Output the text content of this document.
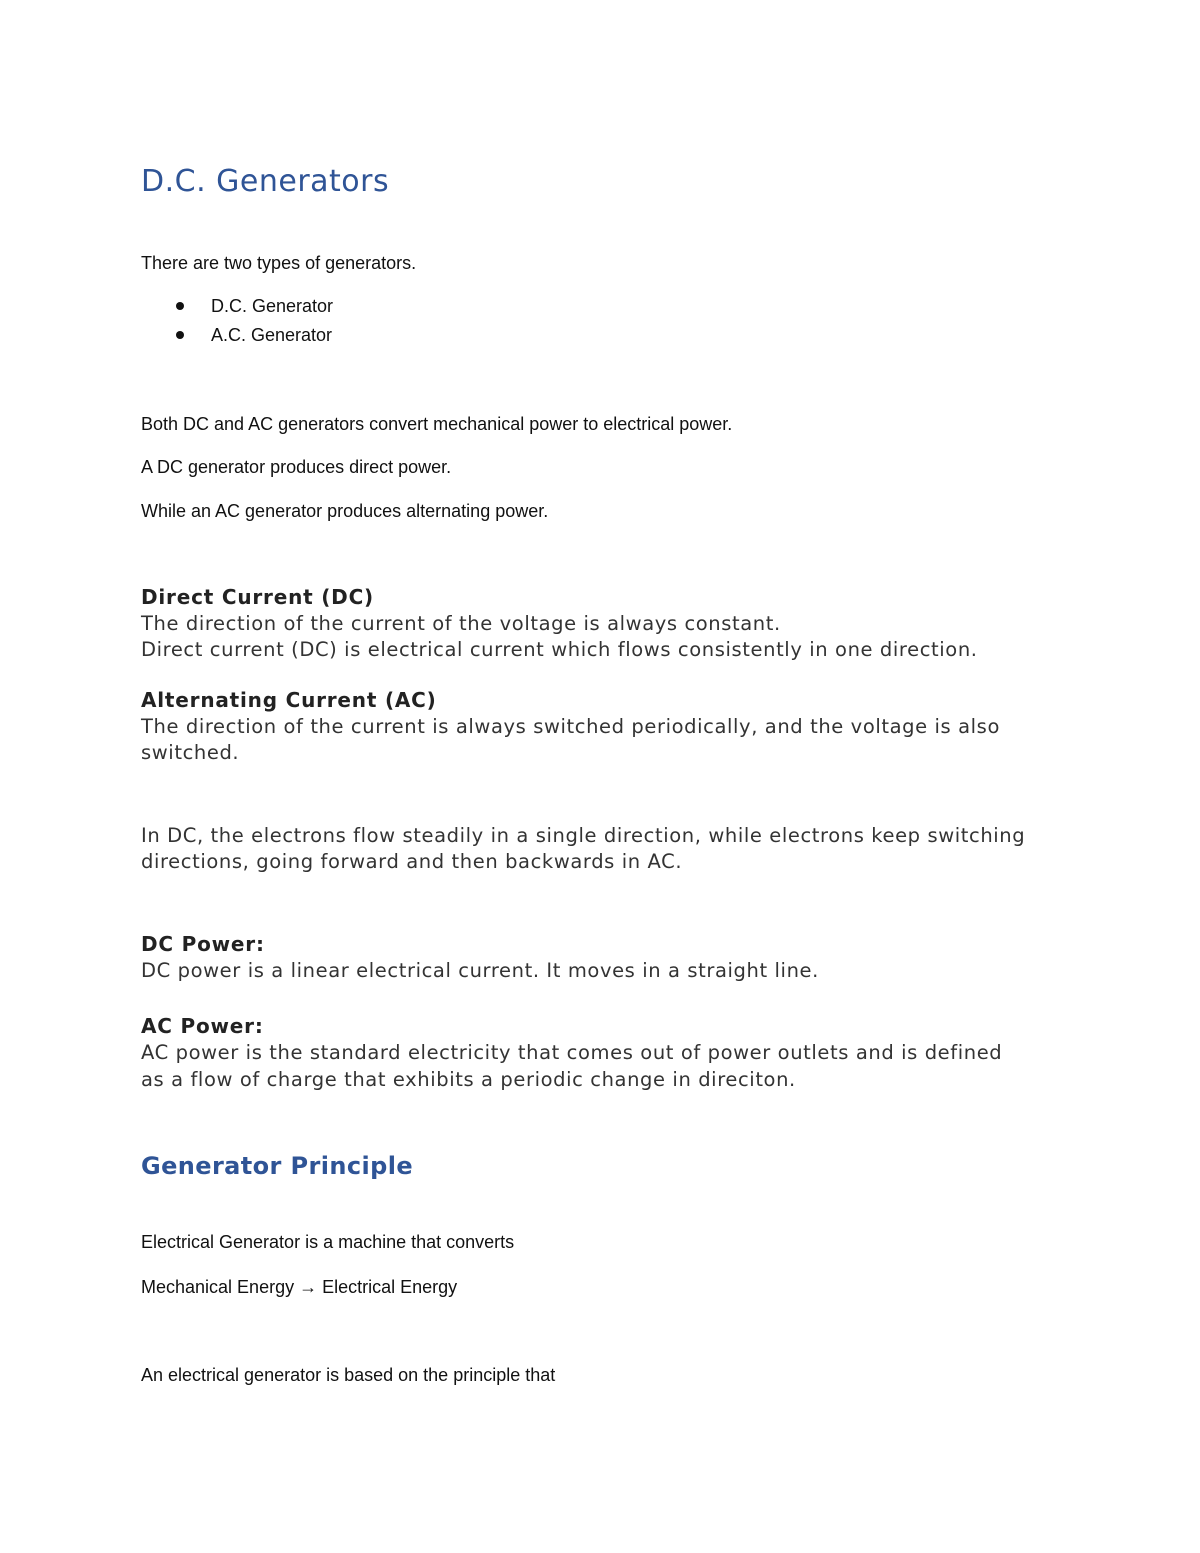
D.C. Generators
There are two types of generators.
D.C. Generator
A.C. Generator
Both DC and AC generators convert mechanical power to electrical power.
A DC generator produces direct power.
While an AC generator produces alternating power.
Direct Current (DC)
The direction of the current of the voltage is always constant.
Direct current (DC) is electrical current which flows consistently in one direction.
Alternating Current (AC)
The direction of the current is always switched periodically, and the voltage is also
switched.
In DC, the electrons flow steadily in a single direction, while electrons keep switching
directions, going forward and then backwards in AC.
DC Power:
DC power is a linear electrical current. It moves in a straight line.
AC Power:
AC power is the standard electricity that comes out of power outlets and is defined
as a flow of charge that exhibits a periodic change in direciton.
Generator Principle
Electrical Generator is a machine that converts
Mechanical Energy → Electrical Energy
An electrical generator is based on the principle that
